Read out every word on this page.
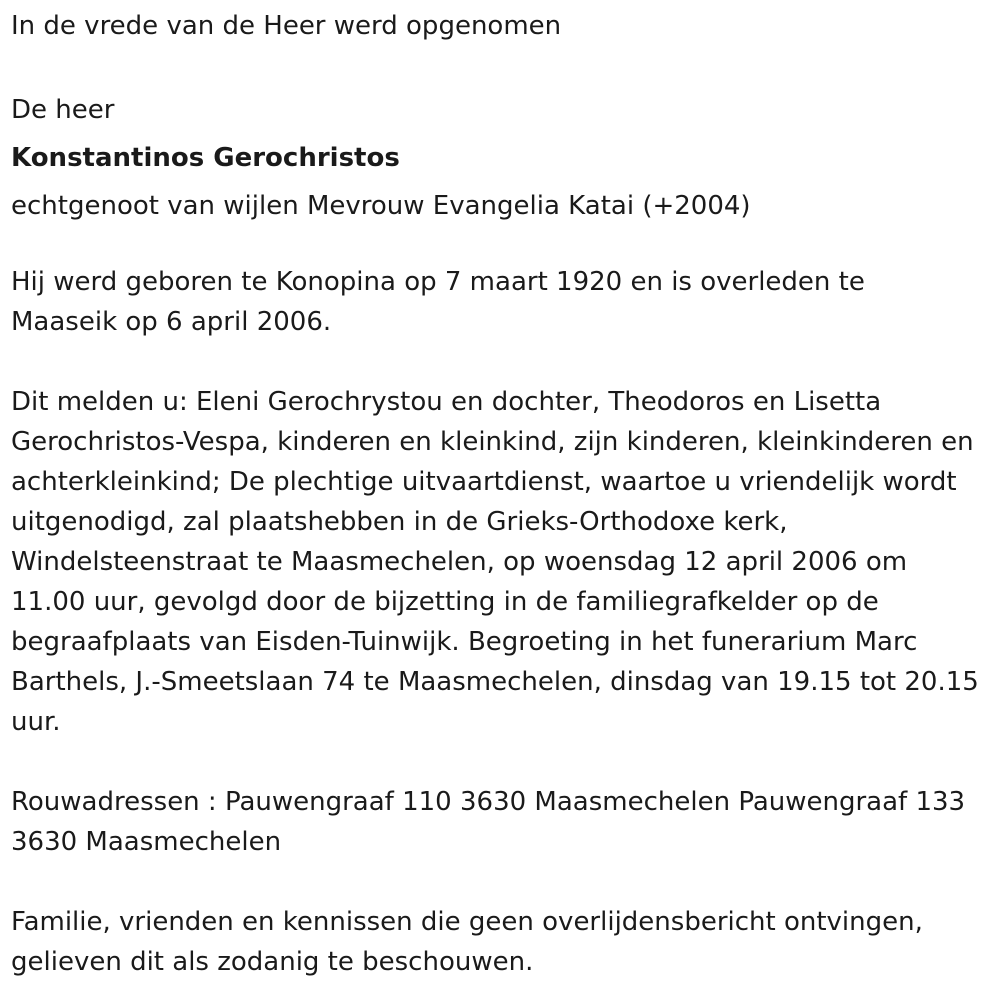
In de vrede van de Heer werd opgenomen
De heer
Konstantinos Gerochristos
echtgenoot van wijlen Mevrouw Evangelia Katai (+2004)
Hij werd geboren te Konopina op 7 maart 1920 en is overleden te
Maaseik op 6 april 2006.
Dit melden u: Eleni Gerochrystou en dochter, Theodoros en Lisetta
Gerochristos-Vespa, kinderen en kleinkind, zijn kinderen, kleinkinderen en
achterkleinkind; De plechtige uitvaartdienst, waartoe u vriendelijk wordt
uitgenodigd, zal plaatshebben in de Grieks-Orthodoxe kerk,
Windelsteenstraat te Maasmechelen, op woensdag 12 april 2006 om
11.00 uur, gevolgd door de bijzetting in de familiegrafkelder op de
begraafplaats van Eisden-Tuinwijk. Begroeting in het funerarium Marc
Barthels, J.-Smeetslaan 74 te Maasmechelen, dinsdag van 19.15 tot 20.15
uur.
Rouwadressen : Pauwengraaf 110 3630 Maasmechelen Pauwengraaf 133
3630 Maasmechelen
Familie, vrienden en kennissen die geen overlijdensbericht ontvingen,
gelieven dit als zodanig te beschouwen.
